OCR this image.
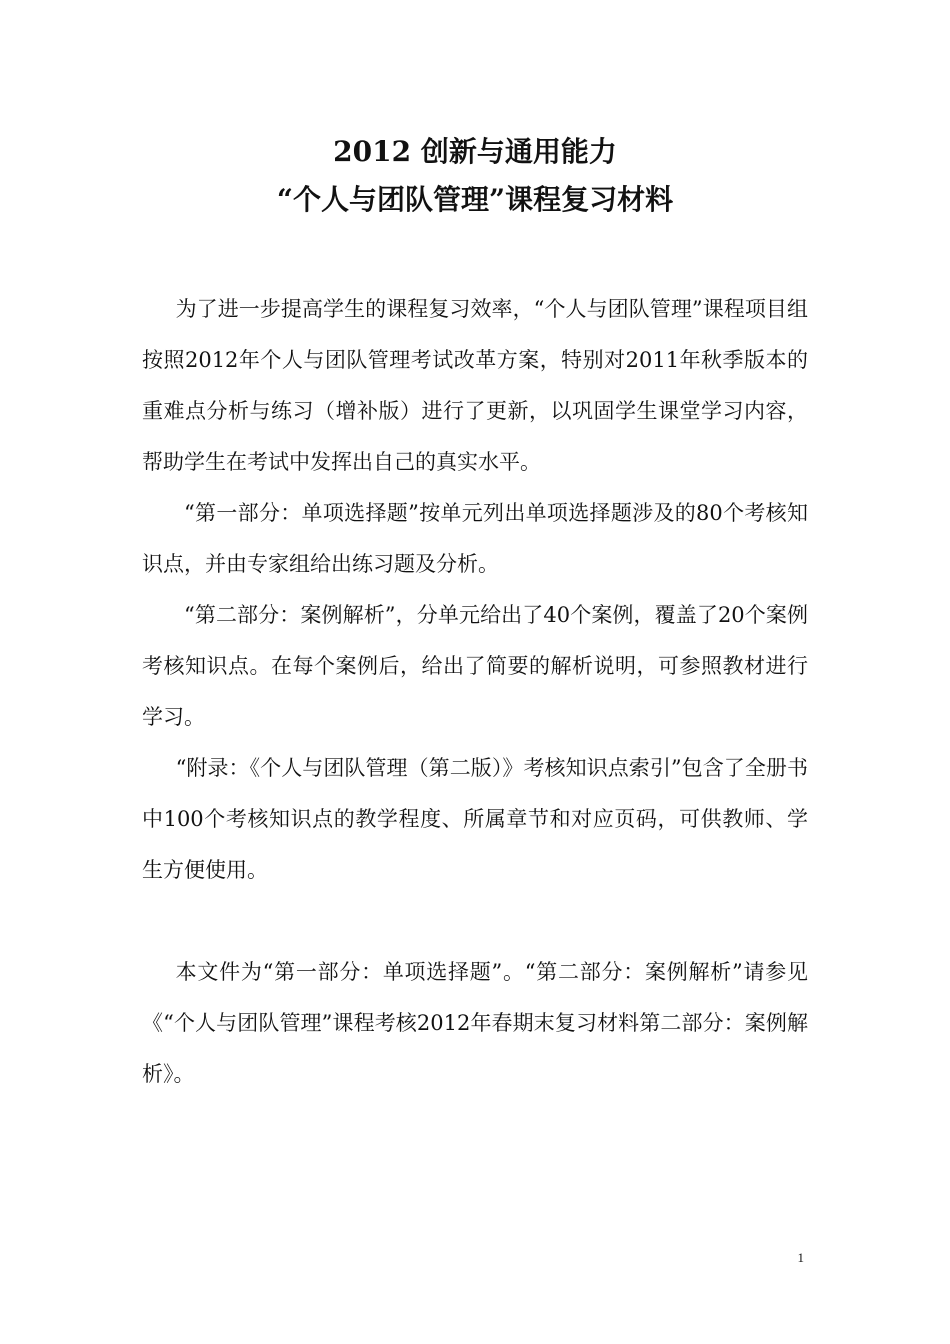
2012 创新与通用能力
“个人与团队管理”课程复习材料

为了进一步提高学生的课程复习效率，“个人与团队管理”课程项目组按照2012年个人与团队管理考试改革方案，特别对2011年秋季版本的重难点分析与练习（增补版）进行了更新，以巩固学生课堂学习内容，帮助学生在考试中发挥出自己的真实水平。

“第一部分：单项选择题”按单元列出单项选择题涉及的80个考核知识点，并由专家组给出练习题及分析。

“第二部分：案例解析”，分单元给出了40个案例，覆盖了20个案例考核知识点。在每个案例后，给出了简要的解析说明，可参照教材进行学习。

“附录：《个人与团队管理（第二版）》考核知识点索引”包含了全册书中100个考核知识点的教学程度、所属章节和对应页码，可供教师、学生方便使用。

本文件为“第一部分：单项选择题”。“第二部分：案例解析”请参见《“个人与团队管理”课程考核2012年春期末复习材料第二部分：案例解析》。

1
